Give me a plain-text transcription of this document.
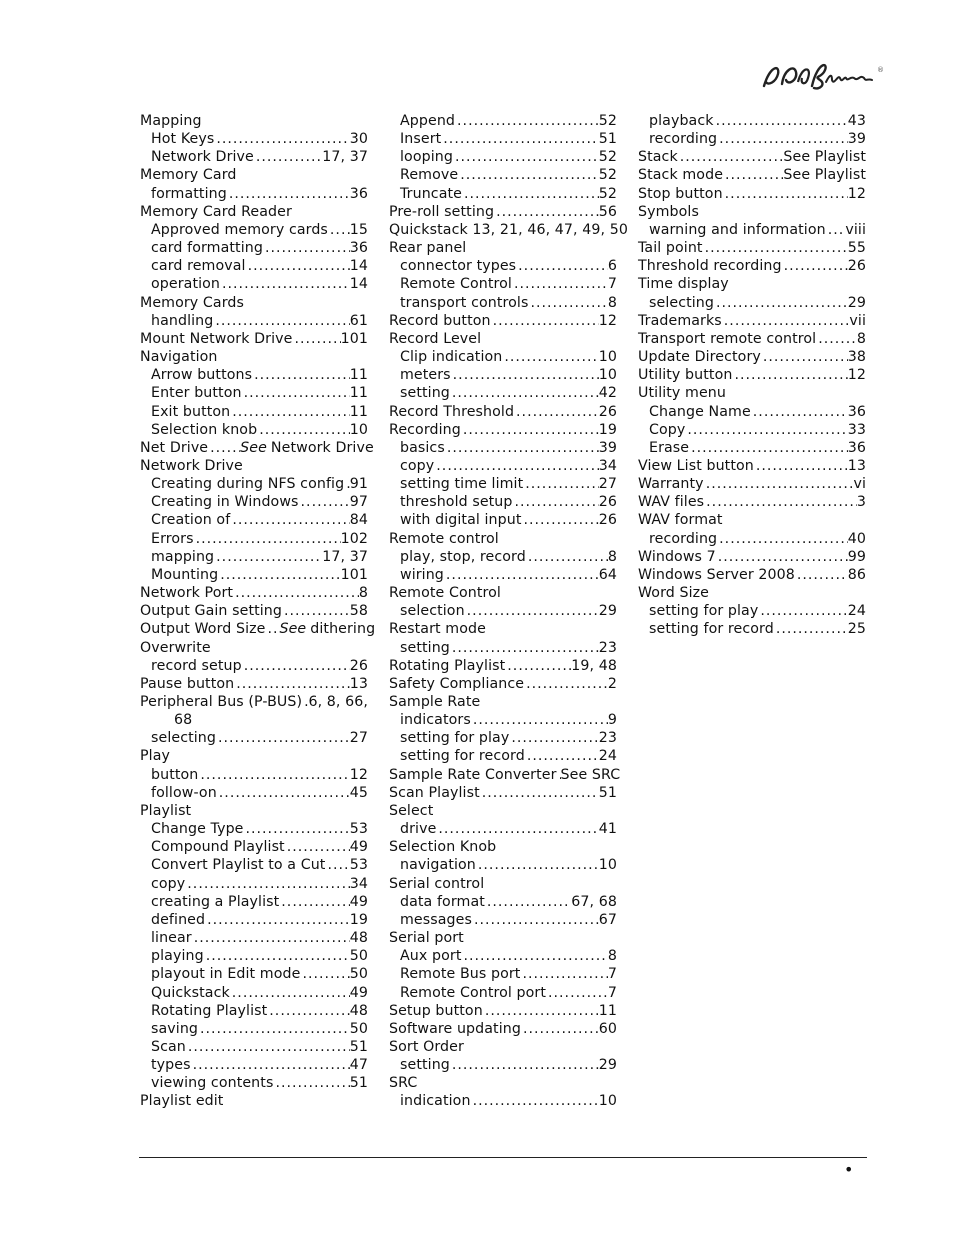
®
Mapping
Hot Keys .....	30
Network Drive .....	17, 37
Memory Card
formatting .....	36
Memory Card Reader
Approved memory cards ..... 15
card formatting .....	36
card removal .....	14
operation .....	14
Memory Cards
handling .....	61
Mount Network Drive .....	101
Navigation
Arrow buttons .....	11
Enter button .....	11
Exit button .....	11
Selection knob .....	10
Net Drive ..... See Network Drive
Network Drive
Creating during NFS config ..... 91
Creating in Windows .....	97
Creation of .....	84
Errors .....	102
mapping .....	17, 37
Mounting .....	101
Network Port .....	8
Output Gain setting .....	58
Output Word Size ..... See dithering
Overwrite
record setup .....	26
Pause button .....	13
Peripheral Bus (P-BUS) ..... 6, 8, 66,
68
selecting .....	27
Play
button .....	12
follow-on .....	45
Playlist
Change Type .....	53
Compound Playlist .....	49
Convert Playlist to a Cut ..... 53
copy .....	34
creating a Playlist .....	49
defined .....	19
linear .....	48
playing .....	50
playout in Edit mode .....	50
Quickstack .....	49
Rotating Playlist .....	48
saving .....	50
Scan .....	51
types .....	47
viewing contents .....	51
Playlist edit
Append .....	52
Insert .....	51
looping .....	52
Remove .....	52
Truncate .....	52
Pre-roll setting .....	56
Quickstack 13, 21, 46, 47, 49, 50
Rear panel
connector types .....	6
Remote Control .....	7
transport controls .....	8
Record button .....	12
Record Level
Clip indication .....	10
meters .....	10
setting .....	42
Record Threshold .....	26
Recording .....	19
basics .....	39
copy .....	34
setting time limit .....	27
threshold setup .....	26
with digital input .....	26
Remote control
play, stop, record .....	8
wiring .....	64
Remote Control
selection .....	29
Restart mode
setting .....	23
Rotating Playlist .....	19, 48
Safety Compliance .....	2
Sample Rate
indicators .....	9
setting for play .....	23
setting for record .....	24
Sample Rate Converter ..... See SRC
Scan Playlist .....	51
Select
drive .....	41
Selection Knob
navigation .....	10
Serial control
data format .....	67, 68
messages .....	67
Serial port
Aux port .....	8
Remote Bus port .....	7
Remote Control port .....	7
Setup button .....	11
Software updating .....	60
Sort Order
setting .....	29
SRC
indication .....	10
playback .....	43
recording .....	39
Stack .....	See Playlist
Stack mode .....	See Playlist
Stop button .....	12
Symbols
warning and information ..... viii
Tail point .....	55
Threshold recording .....	26
Time display
selecting .....	29
Trademarks .....	vii
Transport remote control .....	8
Update Directory .....	38
Utility button .....	12
Utility menu
Change Name .....	36
Copy .....	33
Erase .....	36
View List button .....	13
Warranty .....	vi
WAV files .....	3
WAV format
recording .....	40
Windows 7 .....	99
Windows Server 2008 .....	86
Word Size
setting for play .....	24
setting for record .....	25
•
